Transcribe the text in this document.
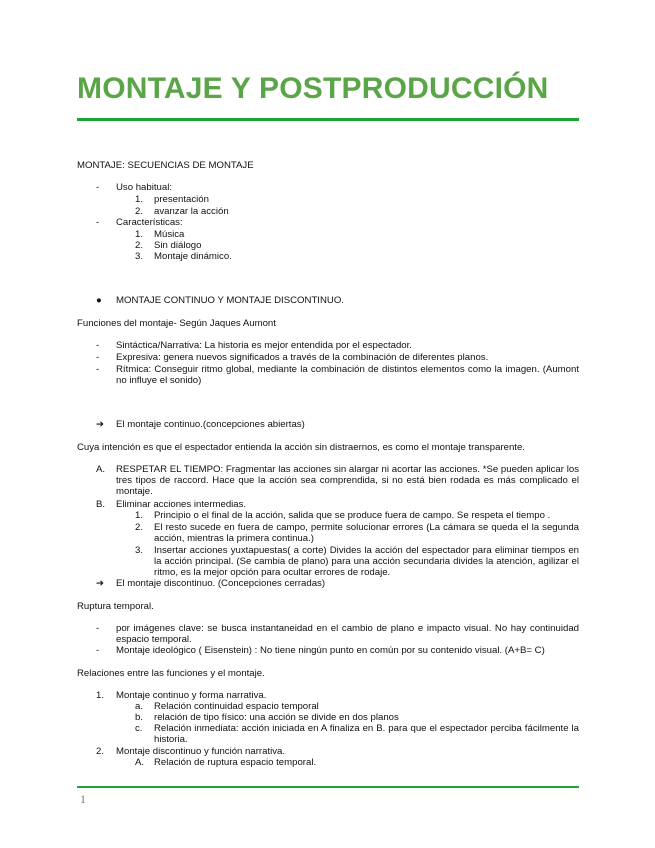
MONTAJE Y POSTPRODUCCIÓN
MONTAJE: SECUENCIAS DE MONTAJE
- Uso habitual:
1. presentación
2. avanzar la acción
- Características:
1. Música
2. Sin diálogo
3. Montaje dinámico.
● MONTAJE CONTINUO Y MONTAJE DISCONTINUO.
Funciones del montaje- Según Jaques Aumont
- Sintáctica/Narrativa: La historia es mejor entendida por el espectador.
- Expresiva: genera nuevos significados a través de la combinación de diferentes planos.
- Rítmica: Conseguir ritmo global, mediante la combinación de distintos elementos como la imagen. (Aumont no influye el sonido)
➔ El montaje continuo.(concepciones abiertas)
Cuya intención es que el espectador entienda la acción sin distraernos, es como el montaje transparente.
A. RESPETAR EL TIEMPO: Fragmentar las acciones sin alargar ni acortar las acciones. *Se pueden aplicar los tres tipos de raccord. Hace que la acción sea comprendida, si no está bien rodada es más complicado el montaje.
B. Eliminar acciones intermedias.
1. Principio o el final de la acción, salida que se produce fuera de campo. Se respeta el tiempo .
2. El resto sucede en fuera de campo, permite solucionar errores (La cámara se queda el la segunda acción, mientras la primera continua.)
3. Insertar acciones yuxtapuestas( a corte) Divides la acción del espectador para eliminar tiempos en la acción principal. (Se cambia de plano) para una acción secundaria divides la atención, agilizar el ritmo, es la mejor opción para ocultar errores de rodaje.
➔ El montaje discontinuo. (Concepciones cerradas)
Ruptura temporal.
- por imágenes clave: se busca instantaneidad en el cambio de plano e impacto visual. No hay continuidad espacio temporal.
- Montaje ideológico ( Eisenstein) : No tiene ningún punto en común por su contenido visual. (A+B= C)
Relaciones entre las funciones y el montaje.
1. Montaje continuo y forma narrativa.
a. Relación continuidad espacio temporal
b. relación de tipo físico: una acción se divide en dos planos
c. Relación inmediata: acción iniciada en A finaliza en B. para que el espectador perciba fácilmente la historia.
2. Montaje discontinuo y función narrativa.
A. Relación de ruptura espacio temporal.
1
